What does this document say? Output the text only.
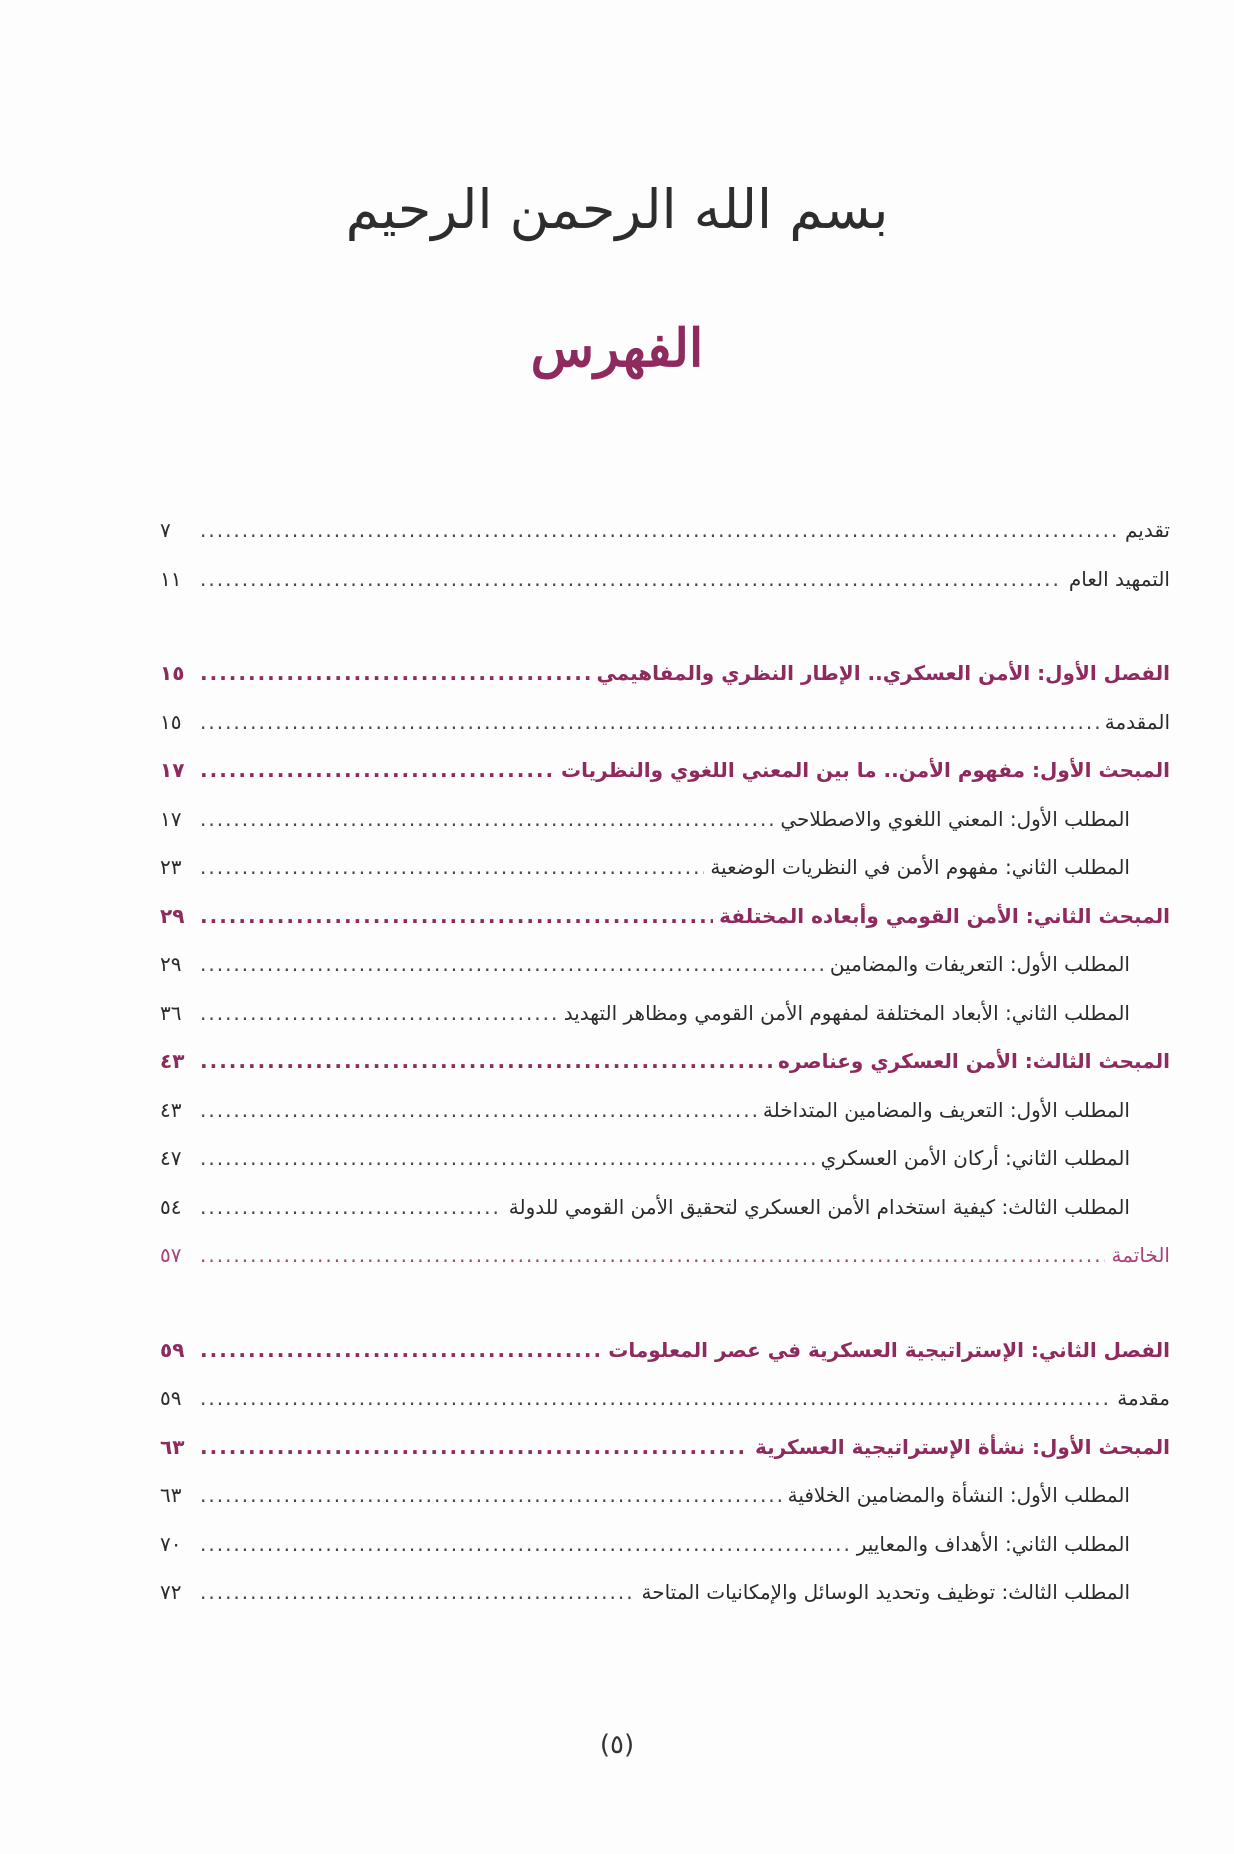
بسم الله الرحمن الرحيم
الفهرس
تقديم
.....
٧
التمهيد العام
.....
١١
الفصل الأول: الأمن العسكري.. الإطار النظري والمفاهيمي
.....
١٥
المقدمة
.....
١٥
المبحث الأول: مفهوم الأمن.. ما بين المعني اللغوي والنظريات
.....
١٧
المطلب الأول: المعني اللغوي والاصطلاحي
.....
١٧
المطلب الثاني: مفهوم الأمن في النظريات الوضعية
.....
٢٣
المبحث الثاني: الأمن القومي وأبعاده المختلفة
.....
٢٩
المطلب الأول: التعريفات والمضامين
.....
٢٩
المطلب الثاني: الأبعاد المختلفة لمفهوم الأمن القومي ومظاهر التهديد
.....
٣٦
المبحث الثالث: الأمن العسكري وعناصره
.....
٤٣
المطلب الأول: التعريف والمضامين المتداخلة
.....
٤٣
المطلب الثاني: أركان الأمن العسكري
.....
٤٧
المطلب الثالث: كيفية استخدام الأمن العسكري لتحقيق الأمن القومي للدولة
.....
٥٤
الخاتمة
.....
٥٧
الفصل الثاني: الإستراتيجية العسكرية في عصر المعلومات
.....
٥٩
مقدمة
.....
٥٩
المبحث الأول: نشأة الإستراتيجية العسكرية
.....
٦٣
المطلب الأول: النشأة والمضامين الخلافية
.....
٦٣
المطلب الثاني: الأهداف والمعايير
.....
٧٠
المطلب الثالث: توظيف وتحديد الوسائل والإمكانيات المتاحة
.....
٧٢
(٥)
